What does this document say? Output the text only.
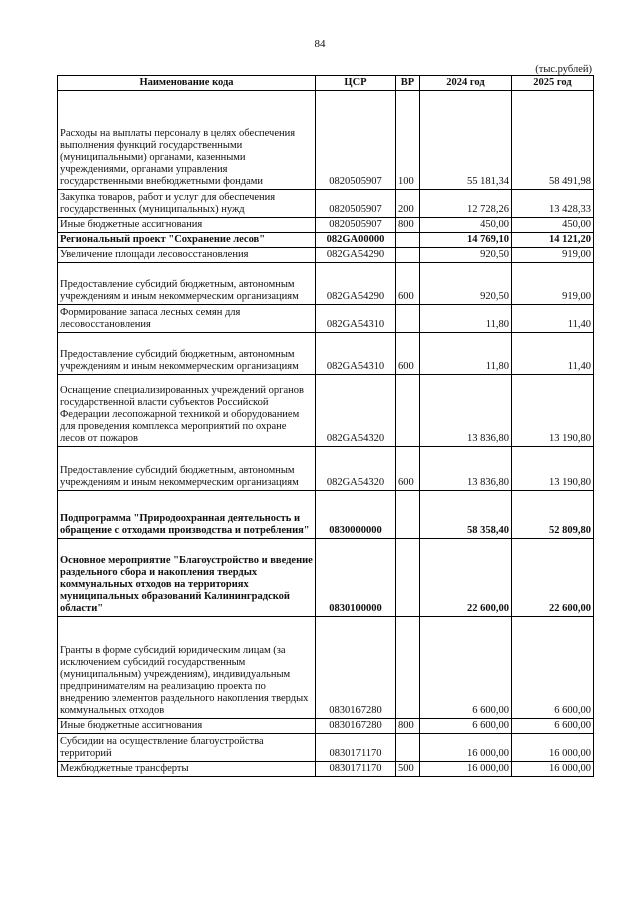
84
(тыс.рублей)
Наименование кода	ЦСР	ВР	2024 год	2025 год
Расходы на выплаты персоналу в целях обеспечения выполнения функций государственными (муниципальными) органами, казенными учреждениями, органами управления государственными внебюджетными фондами	0820505907	100	55 181,34	58 491,98
Закупка товаров, работ и услуг для обеспечения государственных (муниципальных) нужд	0820505907	200	12 728,26	13 428,33
Иные бюджетные ассигнования	0820505907	800	450,00	450,00
Региональный проект "Сохранение лесов"	082GA00000		14 769,10	14 121,20
Увеличение площади лесовосстановления	082GA54290		920,50	919,00
Предоставление субсидий бюджетным, автономным учреждениям и иным некоммерческим организациям	082GA54290	600	920,50	919,00
Формирование запаса лесных семян для лесовосстановления	082GA54310		11,80	11,40
Предоставление субсидий бюджетным, автономным учреждениям и иным некоммерческим организациям	082GA54310	600	11,80	11,40
Оснащение специализированных учреждений органов государственной власти субъектов Российской Федерации лесопожарной техникой и оборудованием для проведения комплекса мероприятий по охране лесов от пожаров	082GA54320		13 836,80	13 190,80
Предоставление субсидий бюджетным, автономным учреждениям и иным некоммерческим организациям	082GA54320	600	13 836,80	13 190,80
Подпрограмма "Природоохранная деятельность и обращение с отходами производства и потребления"	0830000000		58 358,40	52 809,80
Основное мероприятие "Благоустройство и введение раздельного сбора и накопления твердых коммунальных отходов на территориях муниципальных образований Калининградской области"	0830100000		22 600,00	22 600,00
Гранты в форме субсидий юридическим лицам (за исключением субсидий государственным (муниципальным) учреждениям), индивидуальным предпринимателям на реализацию проекта по внедрению элементов раздельного накопления твердых коммунальных отходов	0830167280		6 600,00	6 600,00
Иные бюджетные ассигнования	0830167280	800	6 600,00	6 600,00
Субсидии на осуществление благоустройства территорий	0830171170		16 000,00	16 000,00
Межбюджетные трансферты	0830171170	500	16 000,00	16 000,00
